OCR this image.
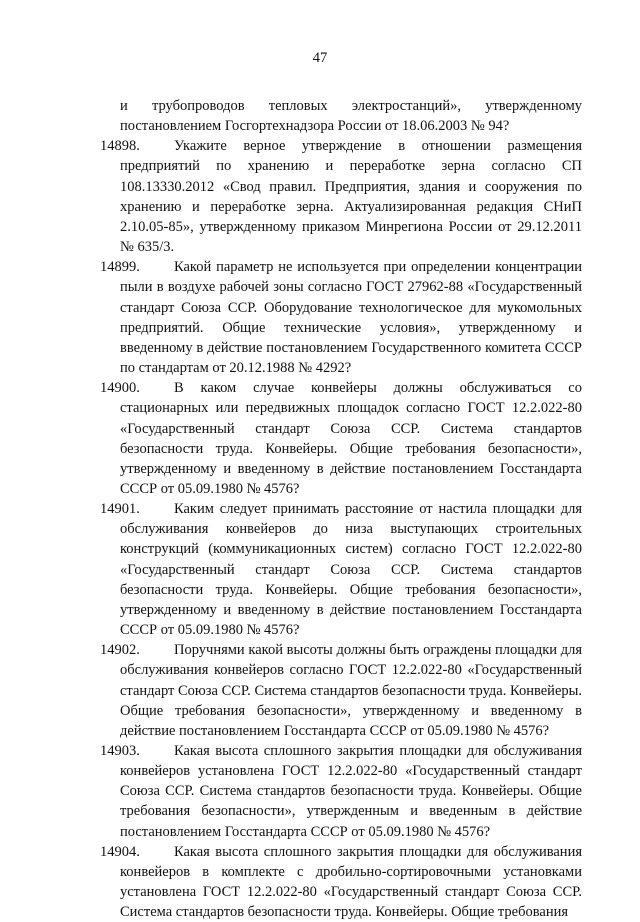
47

и трубопроводов тепловых электростанций», утвержденному постановлением Госгортехнадзора России от 18.06.2003 № 94?

14898.	Укажите верное утверждение в отношении размещения предприятий по хранению и переработке зерна согласно СП 108.13330.2012 «Свод правил. Предприятия, здания и сооружения по хранению и переработке зерна. Актуализированная редакция СНиП 2.10.05-85», утвержденному приказом Минрегиона России от 29.12.2011 № 635/3.

14899.	Какой параметр не используется при определении концентрации пыли в воздухе рабочей зоны согласно ГОСТ 27962-88 «Государственный стандарт Союза ССР. Оборудование технологическое для мукомольных предприятий. Общие технические условия», утвержденному и введенному в действие постановлением Государственного комитета СССР по стандартам от 20.12.1988 № 4292?

14900.	В каком случае конвейеры должны обслуживаться со стационарных или передвижных площадок согласно ГОСТ 12.2.022-80 «Государственный стандарт Союза ССР. Система стандартов безопасности труда. Конвейеры. Общие требования безопасности», утвержденному и введенному в действие постановлением Госстандарта СССР от 05.09.1980 № 4576?

14901.	Каким следует принимать расстояние от настила площадки для обслуживания конвейеров до низа выступающих строительных конструкций (коммуникационных систем) согласно ГОСТ 12.2.022-80 «Государственный стандарт Союза ССР. Система стандартов безопасности труда. Конвейеры. Общие требования безопасности», утвержденному и введенному в действие постановлением Госстандарта СССР от 05.09.1980 № 4576?

14902.	Поручнями какой высоты должны быть ограждены площадки для обслуживания конвейеров согласно ГОСТ 12.2.022-80 «Государственный стандарт Союза ССР. Система стандартов безопасности труда. Конвейеры. Общие требования безопасности», утвержденному и введенному в действие постановлением Госстандарта СССР от 05.09.1980 № 4576?

14903.	Какая высота сплошного закрытия площадки для обслуживания конвейеров установлена ГОСТ 12.2.022-80 «Государственный стандарт Союза ССР. Система стандартов безопасности труда. Конвейеры. Общие требования безопасности», утвержденным и введенным в действие постановлением Госстандарта СССР от 05.09.1980 № 4576?

14904.	Какая высота сплошного закрытия площадки для обслуживания конвейеров в комплекте с дробильно-сортировочными установками установлена ГОСТ 12.2.022-80 «Государственный стандарт Союза ССР. Система стандартов безопасности труда. Конвейеры. Общие требования
